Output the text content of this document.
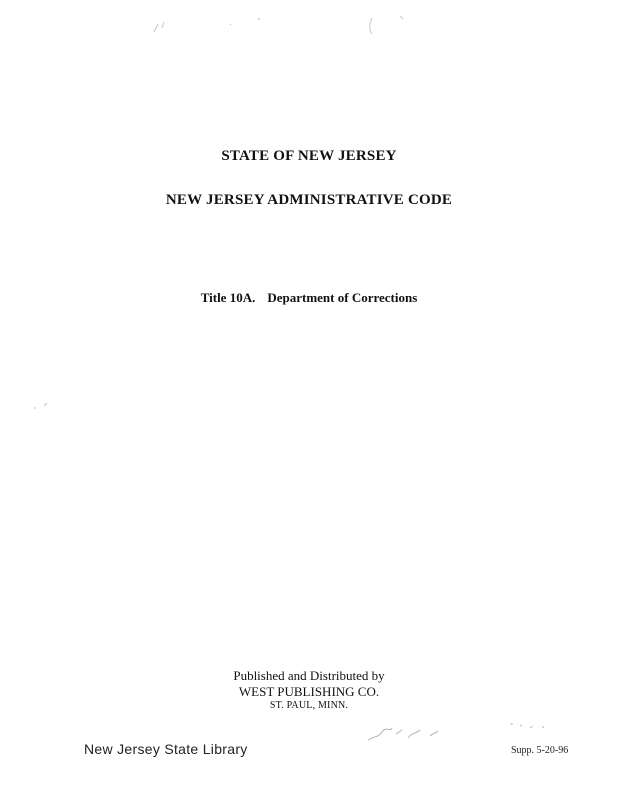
STATE OF NEW JERSEY
NEW JERSEY ADMINISTRATIVE CODE
Title 10A. Department of Corrections
Published and Distributed by
WEST PUBLISHING CO.
ST. PAUL, MINN.
New Jersey State Library	Supp. 5-20-96
